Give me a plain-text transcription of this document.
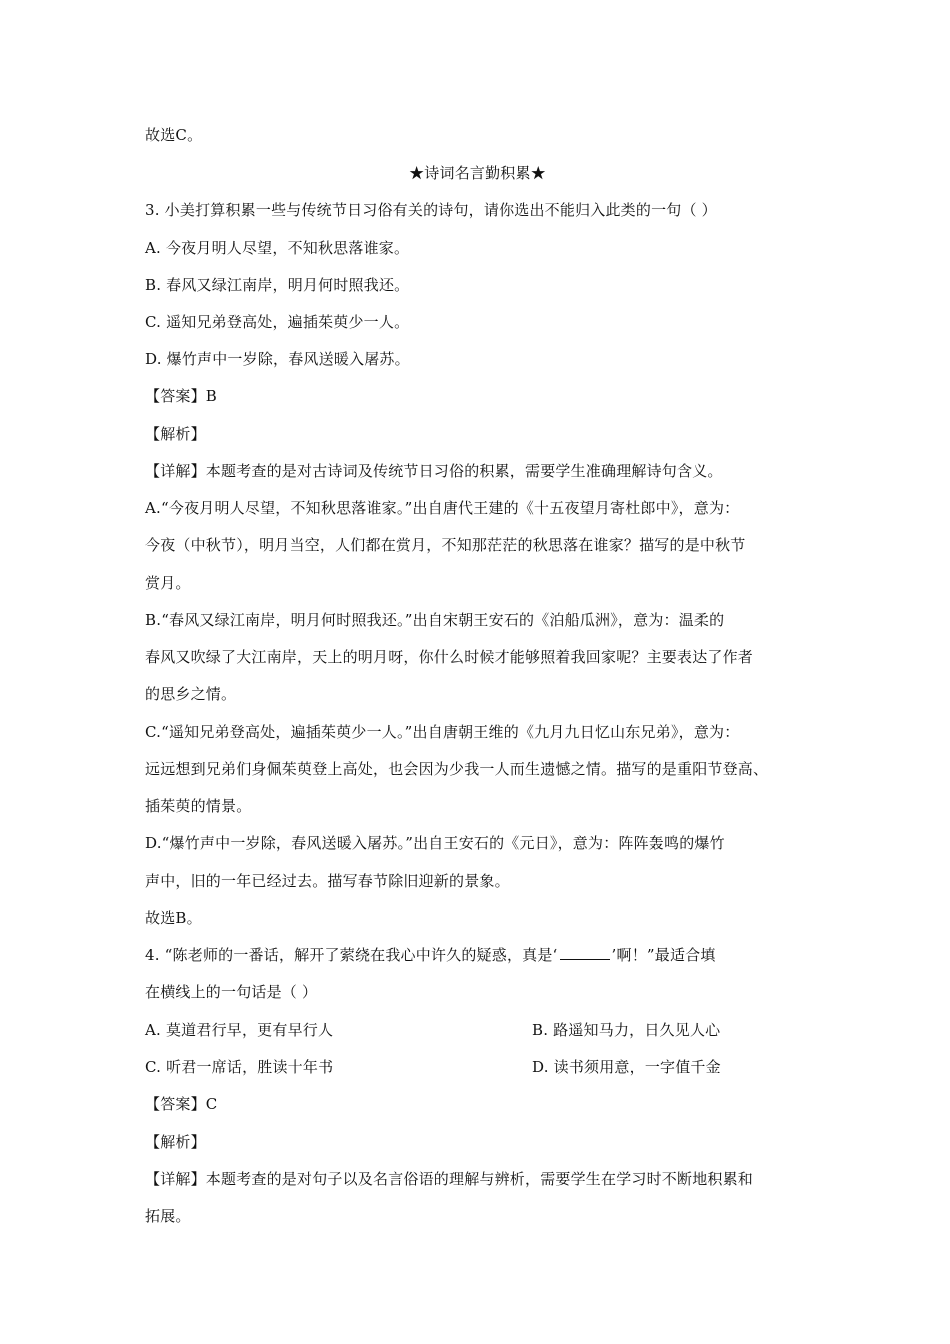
故选C。
★诗词名言勤积累★
3. 小美打算积累一些与传统节日习俗有关的诗句，请你选出不能归入此类的一句（ ）
A. 今夜月明人尽望，不知秋思落谁家。
B. 春风又绿江南岸，明月何时照我还。
C. 遥知兄弟登高处，遍插茱萸少一人。
D. 爆竹声中一岁除，春风送暖入屠苏。
【答案】B
【解析】
【详解】本题考查的是对古诗词及传统节日习俗的积累，需要学生准确理解诗句含义。
A.“今夜月明人尽望，不知秋思落谁家。”出自唐代王建的《十五夜望月寄杜郎中》，意为：
今夜（中秋节），明月当空，人们都在赏月，不知那茫茫的秋思落在谁家？描写的是中秋节
赏月。
B.“春风又绿江南岸，明月何时照我还。”出自宋朝王安石的《泊船瓜洲》，意为：温柔的
春风又吹绿了大江南岸，天上的明月呀，你什么时候才能够照着我回家呢？主要表达了作者
的思乡之情。
C.“遥知兄弟登高处，遍插茱萸少一人。”出自唐朝王维的《九月九日忆山东兄弟》，意为：
远远想到兄弟们身佩茱萸登上高处，也会因为少我一人而生遗憾之情。描写的是重阳节登高、
插茱萸的情景。
D.“爆竹声中一岁除，春风送暖入屠苏。”出自王安石的《元日》，意为：阵阵轰鸣的爆竹
声中，旧的一年已经过去。描写春节除旧迎新的景象。
故选B。
4. “陈老师的一番话，解开了萦绕在我心中许久的疑惑，真是‘	’啊！”最适合填
在横线上的一句话是（ ）
A. 莫道君行早，更有早行人	B. 路遥知马力，日久见人心
C. 听君一席话，胜读十年书	D. 读书须用意，一字值千金
【答案】C
【解析】
【详解】本题考查的是对句子以及名言俗语的理解与辨析，需要学生在学习时不断地积累和
拓展。
